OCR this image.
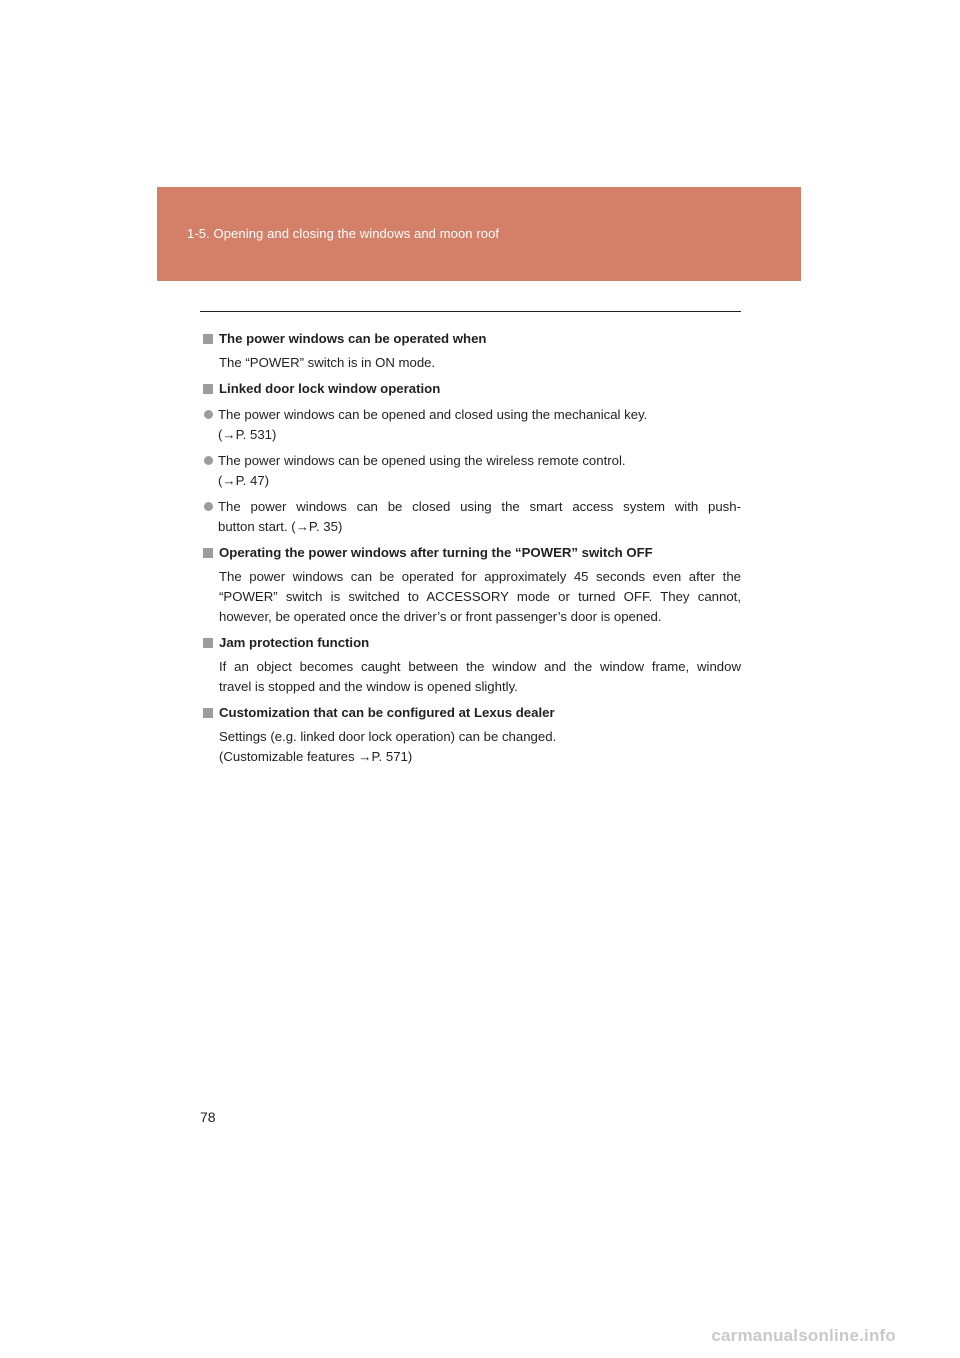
1-5. Opening and closing the windows and moon roof
The power windows can be operated when
The “POWER” switch is in ON mode.
Linked door lock window operation
The power windows can be opened and closed using the mechanical key.
(→P. 531)
The power windows can be opened using the wireless remote control.
(→P. 47)
The power windows can be closed using the smart access system with push-
button start. (→P. 35)
Operating the power windows after turning the “POWER” switch OFF
The power windows can be operated for approximately 45 seconds even after the
“POWER” switch is switched to ACCESSORY mode or turned OFF. They cannot,
however, be operated once the driver’s or front passenger’s door is opened.
Jam protection function
If an object becomes caught between the window and the window frame, window
travel is stopped and the window is opened slightly.
Customization that can be configured at Lexus dealer
Settings (e.g. linked door lock operation) can be changed.
(Customizable features →P. 571)
78
carmanualsonline.info
